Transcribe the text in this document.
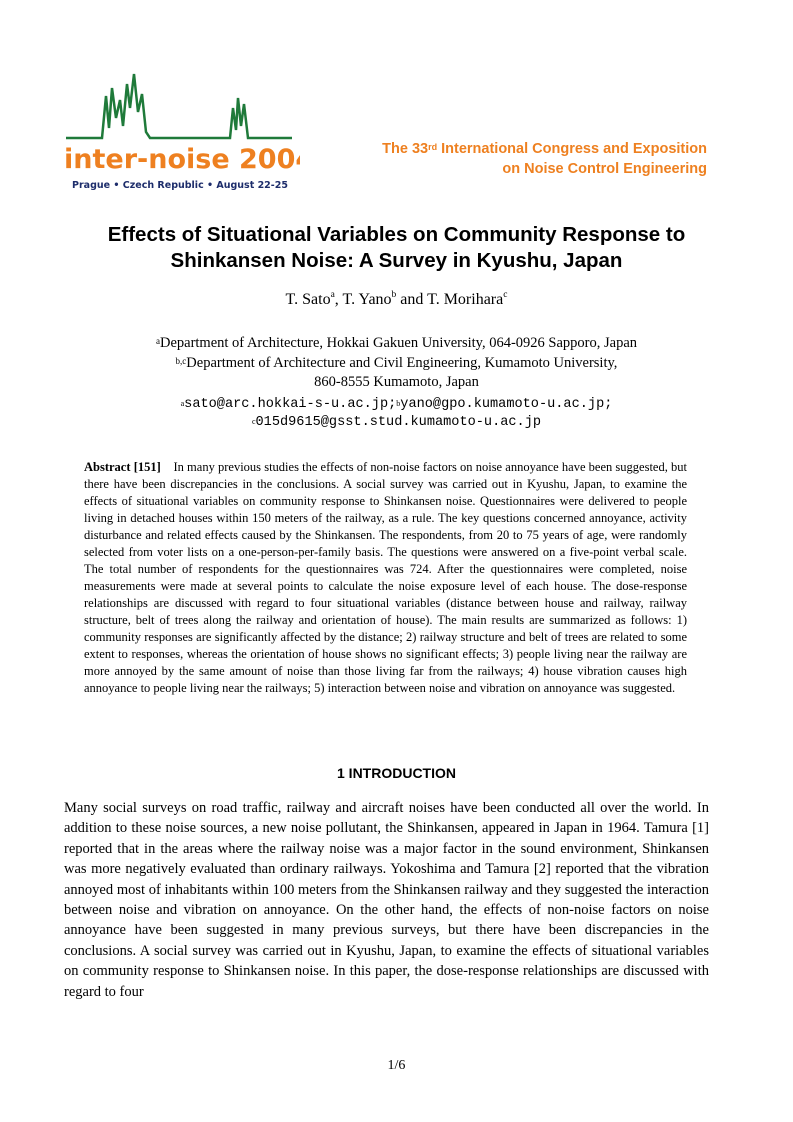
inter-noise 2004
Prague • Czech Republic • August 22-25
The 33rd International Congress and Exposition
on Noise Control Engineering
Effects of Situational Variables on Community Response to
Shinkansen Noise: A Survey in Kyushu, Japan
T. Sato$^a$, T. Yano$^b$ and T. Morihara$^c$
$^a$Department of Architecture, Hokkai Gakuen University, 064-0926 Sapporo, Japan
$^{b,c}$Department of Architecture and Civil Engineering, Kumamoto University,
860-8555 Kumamoto, Japan
$^a$sato@arc.hokkai-s-u.ac.jp;$^b$yano@gpo.kumamoto-u.ac.jp;
$^c$015d9615@gsst.stud.kumamoto-u.ac.jp
Abstract [151] In many previous studies the effects of non-noise factors on noise annoyance have been suggested, but there have been discrepancies in the conclusions. A social survey was carried out in Kyushu, Japan, to examine the effects of situational variables on community response to Shinkansen noise. Questionnaires were delivered to people living in detached houses within 150 meters of the railway, as a rule. The key questions concerned annoyance, activity disturbance and related effects caused by the Shinkansen. The respondents, from 20 to 75 years of age, were randomly selected from voter lists on a one-person-per-family basis. The questions were answered on a five-point verbal scale. The total number of respondents for the questionnaires was 724. After the questionnaires were completed, noise measurements were made at several points to calculate the noise exposure level of each house. The dose-response relationships are discussed with regard to four situational variables (distance between house and railway, railway structure, belt of trees along the railway and orientation of house). The main results are summarized as follows: 1) community responses are significantly affected by the distance; 2) railway structure and belt of trees are related to some extent to responses, whereas the orientation of house shows no significant effects; 3) people living near the railway are more annoyed by the same amount of noise than those living far from the railways; 4) house vibration causes high annoyance to people living near the railways; 5) interaction between noise and vibration on annoyance was suggested.
1 INTRODUCTION
Many social surveys on road traffic, railway and aircraft noises have been conducted all over the world. In addition to these noise sources, a new noise pollutant, the Shinkansen, appeared in Japan in 1964. Tamura [1] reported that in the areas where the railway noise was a major factor in the sound environment, Shinkansen was more negatively evaluated than ordinary railways. Yokoshima and Tamura [2] reported that the vibration annoyed most of inhabitants within 100 meters from the Shinkansen railway and they suggested the interaction between noise and vibration on annoyance. On the other hand, the effects of non-noise factors on noise annoyance have been suggested in many previous surveys, but there have been discrepancies in the conclusions. A social survey was carried out in Kyushu, Japan, to examine the effects of situational variables on community response to Shinkansen noise. In this paper, the dose-response relationships are discussed with regard to four
1/6
